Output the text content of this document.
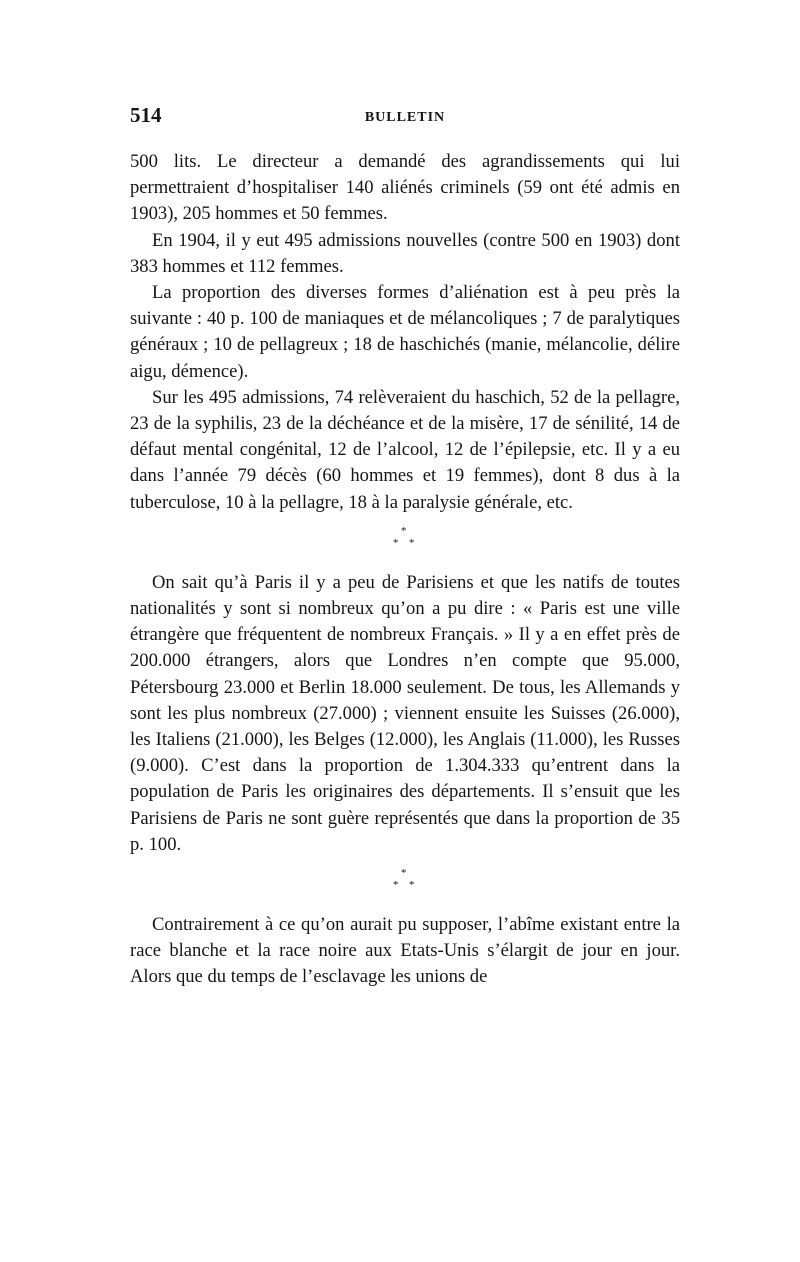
514	BULLETIN

500 lits. Le directeur a demandé des agrandissements qui lui permettraient d’hospitaliser 140 aliénés criminels (59 ont été admis en 1903), 205 hommes et 50 femmes.

En 1904, il y eut 495 admissions nouvelles (contre 500 en 1903) dont 383 hommes et 112 femmes.

La proportion des diverses formes d’aliénation est à peu près la suivante : 40 p. 100 de maniaques et de mélancoliques ; 7 de paralytiques généraux ; 10 de pellagreux ; 18 de haschichés (manie, mélancolie, délire aigu, démence).

Sur les 495 admissions, 74 relèveraient du haschich, 52 de la pellagre, 23 de la syphilis, 23 de la déchéance et de la misère, 17 de sénilité, 14 de défaut mental congénital, 12 de l’alcool, 12 de l’épilepsie, etc. Il y a eu dans l’année 79 décès (60 hommes et 19 femmes), dont 8 dus à la tuberculose, 10 à la pellagre, 18 à la paralysie générale, etc.

*
* *

On sait qu’à Paris il y a peu de Parisiens et que les natifs de toutes nationalités y sont si nombreux qu’on a pu dire : « Paris est une ville étrangère que fréquentent de nombreux Français. » Il y a en effet près de 200.000 étrangers, alors que Londres n’en compte que 95.000, Pétersbourg 23.000 et Berlin 18.000 seulement. De tous, les Allemands y sont les plus nombreux (27.000) ; viennent ensuite les Suisses (26.000), les Italiens (21.000), les Belges (12.000), les Anglais (11.000), les Russes (9.000). C’est dans la proportion de 1.304.333 qu’entrent dans la population de Paris les originaires des départements. Il s’ensuit que les Parisiens de Paris ne sont guère représentés que dans la proportion de 35 p. 100.

*
* *

Contrairement à ce qu’on aurait pu supposer, l’abîme existant entre la race blanche et la race noire aux Etats-Unis s’élargit de jour en jour. Alors que du temps de l’esclavage les unions de
